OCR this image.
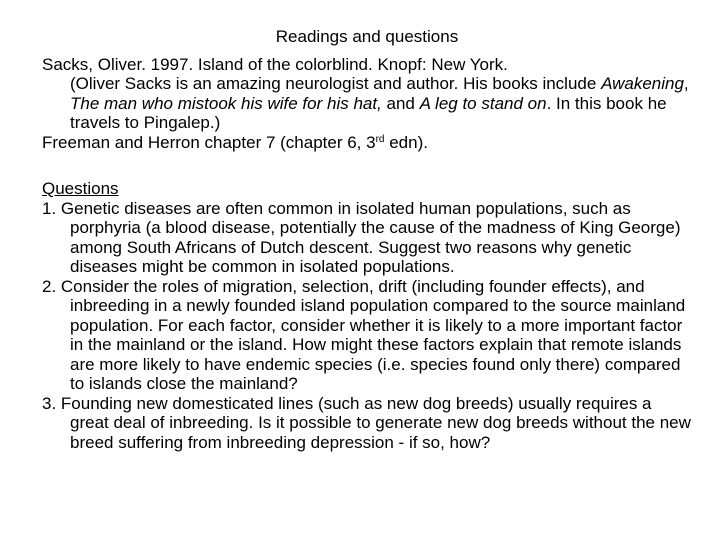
Readings and questions

Sacks, Oliver. 1997. Island of the colorblind. Knopf: New York.
(Oliver Sacks is an amazing neurologist and author. His books include Awakening, The man who mistook his wife for his hat, and A leg to stand on. In this book he travels to Pingalep.)

Freeman and Herron chapter 7 (chapter 6, 3rd edn).

Questions

1. Genetic diseases are often common in isolated human populations, such as porphyria (a blood disease, potentially the cause of the madness of King George) among South Africans of Dutch descent. Suggest two reasons why genetic diseases might be common in isolated populations.

2. Consider the roles of migration, selection, drift (including founder effects), and inbreeding in a newly founded island population compared to the source mainland population. For each factor, consider whether it is likely to a more important factor in the mainland or the island. How might these factors explain that remote islands are more likely to have endemic species (i.e. species found only there) compared to islands close the mainland?

3. Founding new domesticated lines (such as new dog breeds) usually requires a great deal of inbreeding. Is it possible to generate new dog breeds without the new breed suffering from inbreeding depression - if so, how?
